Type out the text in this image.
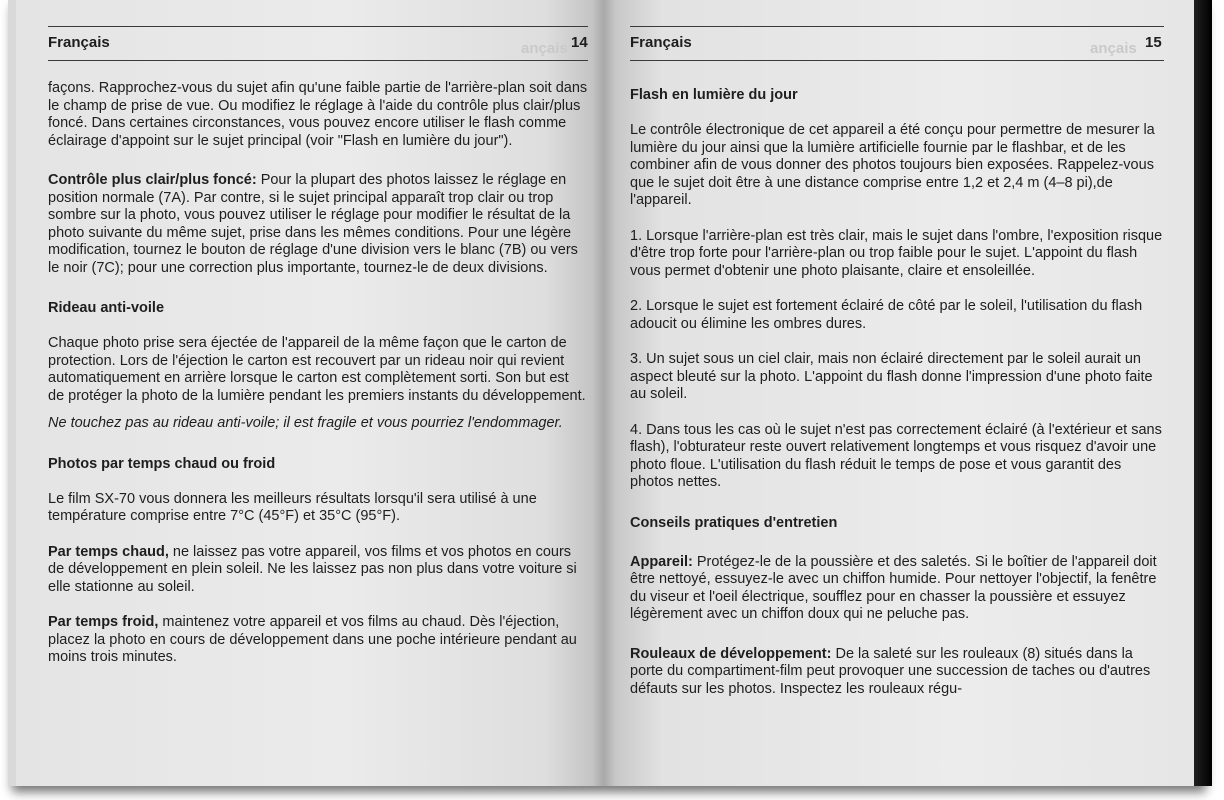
ançais
Français	14

façons. Rapprochez-vous du sujet afin qu'une faible partie de l'arrière-plan soit dans le champ de prise de vue. Ou modifiez le réglage à l'aide du contrôle plus clair/plus foncé. Dans certaines circonstances, vous pouvez encore utiliser le flash comme éclairage d'appoint sur le sujet principal (voir "Flash en lumière du jour").

Contrôle plus clair/plus foncé: Pour la plupart des photos laissez le réglage en position normale (7A). Par contre, si le sujet principal apparaît trop clair ou trop sombre sur la photo, vous pouvez utiliser le réglage pour modifier le résultat de la photo suivante du même sujet, prise dans les mêmes conditions. Pour une légère modification, tournez le bouton de réglage d'une division vers le blanc (7B) ou vers le noir (7C); pour une correction plus importante, tournez-le de deux divisions.

Rideau anti-voile

Chaque photo prise sera éjectée de l'appareil de la même façon que le carton de protection. Lors de l'éjection le carton est recouvert par un rideau noir qui revient automatiquement en arrière lorsque le carton est complètement sorti. Son but est de protéger la photo de la lumière pendant les premiers instants du développement.

Ne touchez pas au rideau anti-voile; il est fragile et vous pourriez l'endommager.

Photos par temps chaud ou froid

Le film SX-70 vous donnera les meilleurs résultats lorsqu'il sera utilisé à une température comprise entre 7°C (45°F) et 35°C (95°F).

Par temps chaud, ne laissez pas votre appareil, vos films et vos photos en cours de développement en plein soleil. Ne les laissez pas non plus dans votre voiture si elle stationne au soleil.

Par temps froid, maintenez votre appareil et vos films au chaud. Dès l'éjection, placez la photo en cours de développement dans une poche intérieure pendant au moins trois minutes.

ançais
Français	15
Flash en lumière du jour

Le contrôle électronique de cet appareil a été conçu pour permettre de mesurer la lumière du jour ainsi que la lumière artificielle fournie par le flashbar, et de les combiner afin de vous donner des photos toujours bien exposées. Rappelez-vous que le sujet doit être à une distance comprise entre 1,2 et 2,4 m (4–8 pi),de l'appareil.

1. Lorsque l'arrière-plan est très clair, mais le sujet dans l'ombre, l'exposition risque d'être trop forte pour l'arrière-plan ou trop faible pour le sujet. L'appoint du flash vous permet d'obtenir une photo plaisante, claire et ensoleillée.

2. Lorsque le sujet est fortement éclairé de côté par le soleil, l'utilisation du flash adoucit ou élimine les ombres dures.

3. Un sujet sous un ciel clair, mais non éclairé directement par le soleil aurait un aspect bleuté sur la photo. L'appoint du flash donne l'impression d'une photo faite au soleil.

4. Dans tous les cas où le sujet n'est pas correctement éclairé (à l'extérieur et sans flash), l'obturateur reste ouvert relativement longtemps et vous risquez d'avoir une photo floue. L'utilisation du flash réduit le temps de pose et vous garantit des photos nettes.

Conseils pratiques d'entretien

Appareil: Protégez-le de la poussière et des saletés. Si le boîtier de l'appareil doit être nettoyé, essuyez-le avec un chiffon humide. Pour nettoyer l'objectif, la fenêtre du viseur et l'oeil électrique, soufflez pour en chasser la poussière et essuyez légèrement avec un chiffon doux qui ne peluche pas.

Rouleaux de développement: De la saleté sur les rouleaux (8) situés dans la porte du compartiment-film peut provoquer une succession de taches ou d'autres défauts sur les photos. Inspectez les rouleaux régu-
